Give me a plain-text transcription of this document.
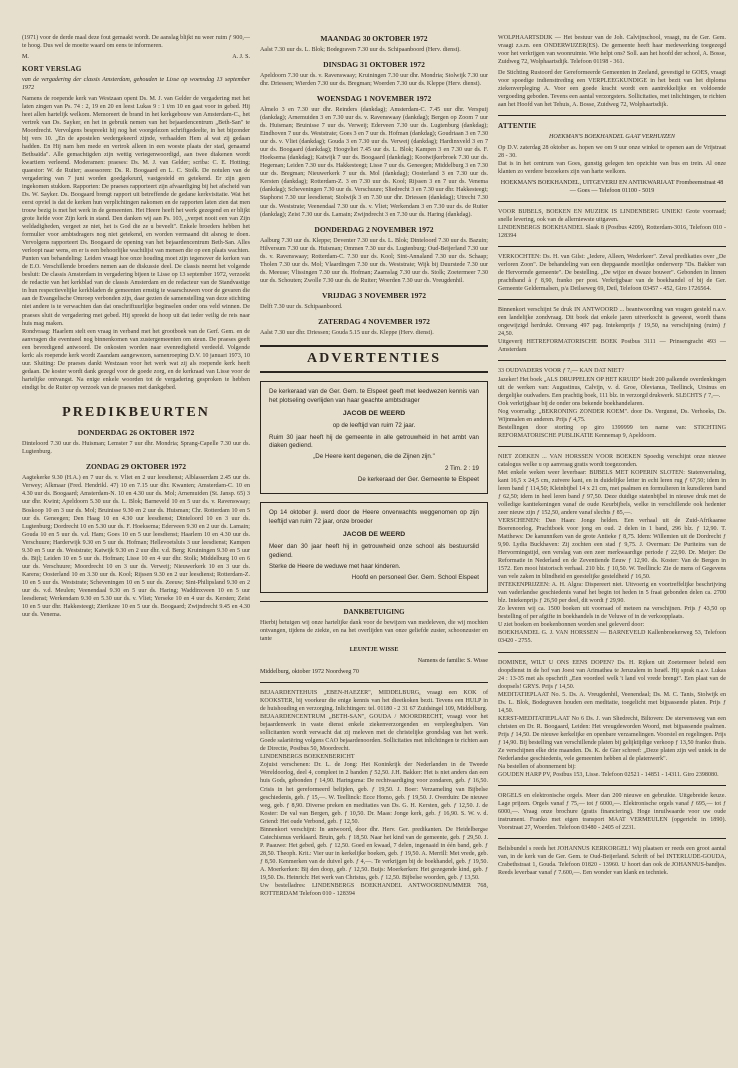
(1971) voor de derde maal deze fout gemaakt wordt. De aanslag blijkt nu weer ruim ƒ 900,— te hoog. Dus wel de moeite waard om eens te informeren.

M.	A. J. S.
KORT VERSLAG

van de vergadering der classis Amsterdam, gehouden te Lisse op woensdag 13 september 1972

Namens de roepende kerk van Westzaan opent Ds. M. J. van Gelder de vergadering met het laten zingen van Ps. 74 : 2, 19 en 20 en leest Lukas 9 : 1 t/m 10 en gaat voor in gebed. Hij heet allen hartelijk welkom. Memoreert de brand in het kerkgebouw van Amsterdam-C., het vertrek van Ds. Sayker, en het in gebruik nemen van het bejaardencentrum „Beth-San" te Moordrecht. Vervolgens bespreekt hij nog het voorgelezen schriftgedeelte, in het bijzonder bij vers 10. „En de apostelen wedergekeerd zijnde, verhaalden Hem al wat zij gedaan hadden. En Hij nam hen mede en vertrok alleen in een woeste plaats der stad, genaamd Bethsaïda". Alle gemachtigden zijn wettig vertegenwoordigd, aan twee diakenen wordt kwartiem verleend. Moderamen: praeses: Ds. M. J. van Gelder; scriba: C. E. Hotting; quaestor: W. de Ruiter; assessoren: Ds. R. Boogaard en L. C. Stolk. De notulen van de vergadering van 7 juni worden goedgekeurd, vastgesteld en getekend. Er zijn geen ingekomen stukken. Rapporten: De praeses rapporteert zijn afvaardiging bij het afscheid van Ds. W. Sayker. Ds. Boogaard brengt rapport uit betreffende de gedane kerkvisitatie. Wat het eerst opviel is dat de kerken hun verplichtingen nakomen en de rapporten laten zien dat men trouw bezig is met het werk in de gemeenten. Het Heere heeft het werk gezegend en er blijkt grote liefde voor Zijn kerk in stand. Den danken wij aan Ps. 103, „verpet nooit een van Zijn weldadigheden, vergeet ze niet, het is God die ze u beveelt". Enkele broeders hebben het formulier voor ambtsdragers nog niet getekend, en worden vermaand dit alsnog te doen. Vervolgens rapporteert Ds. Boogaard de opening van het bejaardencentrum Beth-San. Alles verloopt naar wens, en er is een behoorlijke wachtlijst van mensen die op een plaats wachten.
Punten van behandeling: Leiden vraagt hoe onze houding moet zijn tegenover de kerken van de E.O. Verschillende broeders nemen aan de diskussie deel. De classis neemt het volgende besluit: De classis Amsterdam in vergadering bijeen te Lisse op 13 september 1972, verzoekt de redactie van het kerkblad van de classis Amsterdam en de redacteur van de Standvastige in hun respectievelijke kerkbladen de gemeenten ernstig te waarschuwen voor de gevaren die aan de Evangelische Omroep verbonden zijn, daar gezien de samenstelling van deze stichting niet andere is te verwachten dan dat onschriftuurlijke beginselen onder ons veld winnen. De praeses sluit de vergadering met gebed. Hij spreekt de hoop uit dat ieder veilig de reis naar huis mag maken.
Rondvraag: Haarlem stelt een vraag in verband met het grootboek van de Gerf. Gem. en de aanvragen die eventueel nog binnenkomen van zustergemeenten om steun. De praeses geeft een bevredigend antwoord. De onkosten worden naar evenredigheid verdeeld. Volgende kerk: als roepende kerk wordt Zaandam aangewezen, samenroeping D.V. 10 januari 1973, 10 uur. Sluiting: De praeses dankt Westzaan voor het werk wat zij als roepende kerk heeft gedaan. De koster wordt dank gezegd voor de goede zorg, en de kerkraad van Lisse voor de hartelijke ontvangst. Na enige enkele woorden tot de vergadering gesproken te hebben eindigt br. de Ruiter op verzoek van de praeses met dankgebed.

PREDIKBEURTEN
DONDERDAG 26 OKTOBER 1972

Dinteloord 7.30 uur ds. Huisman; Lemster 7 uur dhr. Mondria; Sprang-Capelle 7.30 uur ds. Lugtenburg.

ZONDAG 29 OKTOBER 1972

Aagtekerke 9.30 (H.A.) en 7 uur ds. v. Vliet en 2 uur leesdienst; Alblasserdam 2.45 uur ds. Verwey; Alkmaar (Fred. Hendrikl. 47) 10 en 7.15 uur dhr. Kwanten; Amsterdam-C. 10 en 4.30 uur ds. Boogaard; Amsterdam-N. 10 en 4.30 uur ds. Mol; Arnemuiden (St. Jansp. 65) 3 uur dhr. Kwint; Apeldoorn 5.30 uur ds. L. Blok; Barneveld 10 en 5 uur ds. v. Ravenswaay; Boskoop 10 en 3 uur ds. Mol; Bruinisse 9.30 en 2 uur ds. Huisman; Chr. Rotterdam 10 en 5 uur ds. Geneegen; Den Haag 10 en 4.30 uur leesdienst; Dinteloord 10 en 3 uur ds. Lugtenburg; Dordrecht 10 en 5.30 uur ds. F. Hoeksema; Ederveen 9.30 en 2 uur ds. Lamain; Gouda 10 en 5 uur ds. v.d. Ham; Goes 10 en 5 uur leesdienst; Haarlem 10 en 4.30 uur ds. Verschuure; Harderwijk 9.30 en 5 uur ds. Hofman; Hellevoetsluis 3 uur leesdienst; Kampen 9.30 en 5 uur ds. Weststrate; Katwijk 9.30 en 2 uur dhr. v.d. Berg; Kruiningen 9.30 en 5 uur ds. Bijl; Leiden 10 en 5 uur ds. Hofman; Lisse 10 en 4 uur dhr. Stolk; Middelburg 10 en 6 uur ds. Verschuure; Moordrecht 10 en 3 uur ds. Verweij; Nieuwerkerk 10 en 3 uur ds. Karens; Oosterland 10 en 3.30 uur ds. Kool; Rijssen 9.30 en 2 uur leesdienst; Rotterdam-Z. 10 en 5 uur ds. Weststrate; Scheveningen 10 en 5 uur ds. Zeeuw; Sint-Philipsland 9.30 en 2 uur ds. v.d. Meulen; Veenendaal 9.30 en 5 uur ds. Haring; Waddinxveen 10 en 5 uur leesdienst; Werkendam 9.30 en 5.30 uur ds. v. Vliet; Yerseke 10 en 4 uur ds. Kersten; Zeist 10 en 5 uur dhr. Hakkesteegt; Zierikzee 10 en 5 uur ds. Boogaard; Zwijndrecht 9.45 en 4.30 uur ds. Venema.

MAANDAG 30 OKTOBER 1972

Aalst 7.30 uur ds. L. Blok; Bodegraven 7.30 uur ds. Schipaanboord (Herv. dienst).

DINSDAG 31 OKTOBER 1972

Apeldoorn 7.30 uur ds. v. Ravenswaay; Kruiningen 7.30 uur dhr. Mondria; Stolwijk 7.30 uur dhr. Driessen; Wierden 7.30 uur ds. Bregman; Woerden 7.30 uur ds. Kleppe (Herv. dienst).

WOENSDAG 1 NOVEMBER 1972

Almelo 3 en 7.30 uur dhr. Reinders (dankdag); Amsterdam-C. 7.45 uur dhr. Verspuij (dankdag); Arnemuiden 3 en 7.30 uur ds. v. Ravenswaay (dankdag); Bergen op Zoom 7 uur ds. Huisman; Bruinisse 7 uur ds. Verweij; Ederveen 7.30 uur ds. Lugtenburg (dankdag); Eindhoven 7 uur ds. Weststrate; Goes 3 en 7 uur ds. Hofman (dankdag); Goudriaan 3 en 7.30 uur ds. v. Vliet (dankdag); Gouda 3 en 7.30 uur ds. Verweij (dankdag); Hardinxveld 3 en 7 uur ds. Boogaard (dankdag); Hoogvliet 7.45 uur ds. L. Blok; Kampen 3 en 7.30 uur ds. F. Hoeksema (dankdag); Katwijk 7 uur ds. Boogaard (dankdag); Kootwijkerbroek 7.30 uur ds. Hegeman; Leiden 7.30 uur ds. Hakkesteegt; Lisse 7 uur ds. Geneegen; Middelburg 3 en 7.30 uur ds. Bregman; Nieuwerkerk 7 uur ds. Mol (dankdag); Oosterland 3 en 7.30 uur ds. Kersten (dankdag); Rotterdam-Z. 3 en 7.30 uur ds. Kool; Rijssen 3 en 7 uur ds. Venema (dankdag); Scheveningen 7.30 uur ds. Verschuure; Sliedrecht 3 en 7.30 uur dhr. Hakkesteegt; Staphorst 7.30 uur leesdienst; Stolwijk 3 en 7.30 uur dhr. Driessen (dankdag); Utrecht 7.30 uur ds. Weststrate; Veenendaal 7.30 uur ds. v. Vliet; Werkendam 3 en 7.30 uur ds. de Ruiter (dankdag); Zeist 7.30 uur ds. Lamain; Zwijndrecht 3 en 7.30 uur ds. Haring (dankdag).

DONDERDAG 2 NOVEMBER 1972

Aalburg 7.30 uur ds. Kleppe; Deventer 7.30 uur ds. L. Blok; Dinteloord 7.30 uur ds. Bazuin; Hilversum 7.30 uur ds. Huisman; Ommen 7.30 uur ds. Lugtenburg; Oud-Beijerland 7.30 uur ds. v. Ravenswaay; Rotterdam-C. 7.30 uur ds. Kool; Sint-Annaland 7.30 uur ds. Schaap; Tholen 7.30 uur ds. Mol; Vlaardingen 7.30 uur ds. Weststrate; Wijk bij Duurstede 7.30 uur ds. Meeuse; Vlissingen 7.30 uur ds. Hofman; Zaamslag 7.30 uur ds. Stolk; Zoetermeer 7.30 uur ds. Schouten; Zwolle 7.30 uur ds. de Ruiter; Woerden 7.30 uur ds. Vreugdenhil.

VRIJDAG 3 NOVEMBER 1972

Delft 7.30 uur ds. Schipaanboord.

ZATERDAG 4 NOVEMBER 1972

Aalst 7.30 uur dhr. Driessen; Gouda 5.15 uur ds. Kleppe (Herv. dienst).

ADVERTENTIES

De kerkeraad van de Ger. Gem. te Elspeet geeft met leedwezen kennis van het plotseling overlijden van haar geachte ambtsdrager

JACOB DE WEERD

op de leeftijd van ruim 72 jaar.

Ruim 30 jaar heeft hij de gemeente in alle getrouwheid in het ambt van diaken gediend.

„De Heere kent degenen, die de Zijnen zijn."

2 Tim. 2 : 19

De kerkeraad der Ger. Gemeente te Elspeet

Op 14 oktober jl. werd door de Heere onverwachts weggenomen op zijn leeftijd van ruim 72 jaar, onze broeder

JACOB DE WEERD

Meer dan 30 jaar heeft hij in getrouwheid onze school als bestuurslid gediend.

Sterke de Heere de weduwe met haar kinderen.

Hoofd en personeel Ger. Gem. School Elspeet

DANKBETUIGING

Hierbij betuigen wij onze hartelijke dank voor de bewijzen van medeleven, die wij mochten ontvangen, tijdens de ziekte, en na het overlijden van onze geliefde zuster, schoonzuster en tante

LEUNTJE WISSE

Namens de familie: S. Wisse

Middelburg, oktober 1972 Noordweg 70

BEJAARDENTEHUIS „EBEN-HAEZER", MIDDELBURG, vraagt een KOK of KOOKSTER, bij voorkeur die enige kennis van het dieetkoken bezit. Tevens een HULP in de huishouding en verzorging. Inlichtingen: tel. 01180 - 2 31 67 Zuidsingel 109, Middelburg.
BEJAARDENCENTRUM „BETH-SAN", GOUDA / MOORDRECHT, vraagt voor het bejaardenwerk in vaste dienst enkele ziekenverzorgenden en verpleeghulpen. Van sollicitanten wordt verwacht dat zij meleven met de christelijke grondslag van het werk. Goede salariëring volgens CAO bejaardenoorden. Sollicitaties met inlichtingen te richten aan de Directie, Postbus 50, Moordrecht.
LINDENBERGS BOEKENBERICHT
Zojuist verschenen: Dr. L. de Jong: Het Koninkrijk der Nederlanden in de Tweede Wereldoorlog, deel 4, compleet in 2 banden ƒ 52,50. J.H. Bakker: Het is niet anders dan een huis Gods, gebonden ƒ 14,90. Haringsma: De rechtvaardiging voor zondaren, geb. ƒ 16,50. Crisis in het gereformeerd belijden, geb. ƒ 19,50. J. Boer: Verzameling van Bijbelse geschiedenis, geb. ƒ 15,—. W. Teellinck: Ecce Homo, geb. ƒ 19,50. J. Overduin: De nieuwe weg, geb. ƒ 8,90. Diverse preken en meditaties van Ds. G. H. Kersten, geb. ƒ 12,50. J. de Koster: De val van Bergen, geb. ƒ 10,50. Dr. Maas: Jonge kerk, geb. ƒ 16,90. S. W. v. d. Griend: Het oude Verbond, geb. ƒ 12,50.
Binnenkort verschijnt: In antwoord, door dhr. Herv. Ger. predikanten. De Heidelbergse Catechismus verklaard. Bruin, geb. ƒ 18,50. Naar het kind van de gemeente, geb. ƒ 29,50. J. P. Paauwe: Het gebed, geb. ƒ 12,50. Goed en kwaad, 7 delen, ingenaaid in één band, geb. ƒ 28,50. Theoph. Krit.: Vier uur in kerkelijke boeken, geb. ƒ 19,50. A. Merrill: Met vrede, geb. ƒ 8,50. Kenmerken van de duivel geb. ƒ 4,—. Te verkrijgen bij de boekhandel, geb. ƒ 19,50. A. Moerkerken: Bij den doop, geb. ƒ 12,50. Buijs: Moerkerken: Het gezegende kind, geb. ƒ 19,50. Ds. Heinrich: Het werk van Christus, geb. ƒ 12,50. Bijbelse woorden, geb. ƒ 13,50.
Uw bestelladres: LINDENBERGS BOEKHANDEL ANTWOORDNUMMER 768, ROTTERDAM Telefoon 010 - 128394

WOLPHAARTSDIJK — Het bestuur van de Joh. Calvijnschool, vraagt, nu de Ger. Gem. vraagt z.s.m. een ONDERWIJZER(ES). De gemeente heeft haar medewerking toegezegd voor het verkrijgen van woonruimte. Wie helpt ons? Soll. aan het hoofd der school, A. Bosse, Zuidweg 72, Wolphaartsdijk. Telefoon 01198 - 361.

De Stichting Rustoord der Gereformeerde Gemeenten in Zeeland, gevestigd te GOES, vraagt voor spoedige indiensttreding een VERPLEEGKUNDIGE in het bezit van het diploma ziekenverpleging A. Voor een goede kracht wordt een aantrekkelijke en voldoende vergoeding geboden. Tevens een aantal verzorgsters. Sollicitaties, met inlichtingen, te richten aan het Hoofd van het Tehuis, A. Bosse, Zuidweg 72, Wolphaartsdijk.

ATTENTIE

HOEKMAN'S BOEKHANDEL GAAT VERHUIZEN

Op D.V. zaterdag 28 oktober as. hopen we om 9 uur onze winkel te openen aan de Vrijstraat 28 - 30.
Dat is in het centrum van Goes, gunstig gelegen ten opzichte van bus en trein. Al onze klanten zo verdere bezoekers zijn van harte welkom.

HOEKMAN'S BOEKHANDEL, UITGEVERIJ EN ANTIKWARIAAT Frombeemstraat 48 — Goes — Telefoon 01100 - 5019

VOOR BIJBELS, BOEKEN EN MUZIEK IS LINDENBERG UNIEK! Grote voorraad; snelle levering, ook van de allerniewste uitgaven.
LINDENBERGS BOEKHANDEL Slaak 8 (Postbus 4209), Rotterdam-3016, Telefoon 010 - 128394

VERKOCHTEN: Ds. H. van Gilst: „Iedere, Alleen, Wederkeer". Zeval predikaties over „De verloren Zoon". De behandeling van een diepgaande moeilijke onderwerp "Ds. Bakker van de Hervormde gemeente". De bestelling. „De wijze en dwaze bouwer". Gebonden in linnen prachtband à ƒ 8,90, franko per post. Verkrijgbaar van de boekhandel of bij de Ger. Gemeente Geldermalsen, p/a Deilseweg 69, Deil, Telefoon 03457 - 452, Giro 1726564.

Binnenkort verschijnt 5e druk IN ANTWOORD ... beantwoording van vragen gesteld n.a.v. een landelijke zondvraag. Dit boek dat enkele jaren uitverkocht is geweest, wordt thans ongewijzigd herdrukt. Omvang 497 pag. Intekenprijs ƒ 19,50, na verschijning (ruim) ƒ 24,50.
Uitgeverij HETREFORMATORISCHE BOEK Postbus 3111 — Prinsengracht 493 — Amsterdam

33 OUDVADERS VOOR ƒ 7,— KAN DAT NIET?
Jazeker! Het boek „ALS DRUPPELEN OP HET KRUID" biedt 200 palkende overdenkingen uit de werken van: Augustinus, Calvijn, v. d. Groe, Olevianus, Teellinck, Ursinus en dergelijke oudvaders. Een prachtig boek, 111 blz. in verzorgd drukwerk. SLECHTS ƒ 7,—.
Ook verkrijgbaar bij de onder ons bekende boekhandelaren.
Nog voorradig: „BEKRONING ZONDER KOEM". door Ds. Vergunst, Ds. Verhoeks, Ds. Wijnmalen en anderen. Prijs ƒ 4,75.
Bestellingen door storting op giro 1399999 ten name van: STICHTING REFORMATORISCHE PUBLIKATIE Kennemap 9, Apeldoorn.

NIET ZOEKEN ... VAN HORSSEN VOOR BOEKEN Spoedig verschijnt onze nieuwe catalogus welke u op aanvraag gratis wordt toegezonden.
Met enkele weken weer leverbaar: BIJBELS MET KOPERIN SLOTEN: Statenvertaling, kant 16,5 x 24,5 cm, zuivere kant, en in duidelijke letter in echt leren rug ƒ 67,50; idem in leren band ƒ 114,50; Kleinbijbel 14 x 21 cm, met psalmen en formulieren in kunstleren band ƒ 62,50; idem in heel leren band ƒ 97,50. Deze duidige statenbijbel in nieuwe druk met de volledige kanttekeningen vanaf de oude Keurbijbels, welke in verschillende ook hedenter zeer nieuw zijn ƒ 152,50, andere vanaf slechts ƒ 85,—.
VERSCHENEN: Dan Haan: Jonge helden. Een verhaal uit de Zuid-Afrikaanse Boerenoorlog. Prachtboek voor jong en oud. 2 delen in 1 band, 296 blz. ƒ 12,90. T. Matthews: De kanunniken van de grote Antieke ƒ 8,75. Idem: Willemien uit de Dordrecht ƒ 9,90. Lydia Buckhaven: Zij zochten een stad ƒ 9,75. J. Overman: De Puriteins van de Hervormingstijd, een verslag van een zeer merkwaardige periode ƒ 22,90. Dr. Meijer: De Reformatie in Nederland en de Zeventiende Eeuw ƒ 12,90. ds. Koster: Van de Bergen in 1572. Een mooi historisch verhaal. 210 blz. ƒ 10,50. W. Teellinck: Zie de mens of Gegevens van vele zaken in blindheid en geestelijke gesteldheid ƒ 16,50.
INTEKENPRIJZEN: A. H. Algra: Dispereert niet. Uitvoerig en voortreffelijke beschrijving van vaderlandse geschiedenis vanaf het begin tot heden in 5 fraai gebonden delen ca. 2700 blz. Intekenprijs ƒ 26,50 per deel, dit wordt ƒ 29,90.
Zo leveren wij ca. 1500 boeken uit voorraad of meteen na verschijnen. Prijs ƒ 43,50 op bestelling of per afgifte in boekhandels in de Veluwe of in de verkoopplaats.
U ziet boeken en boekenbonnen worden snel geleverd door:
BOEKHANDEL G. J. VAN HORSSEN — BARNEVELD Kallenbroekerweg 53, Telefoon 03420 - 2755.

DOMINEE, WILT U ONS EENS DOPEN? Ds. H. Rijken uit Zoetermeer beleid een doopdienst in de hof van Joest van Arimathea te Jeruzalem in Israël. Hij sprak n.a.v. Lukas 24 : 13-35 met als opschrift „Een voordeel welk 't land vol vrede brengt". Een plaat van de doopsels! GRYS. Prijs ƒ 14,50.
MEDITATIEPLAAT No. 5. Ds. A. Vreugdenhil, Veenendaal; Ds. M. C. Tanis, Stolwijk en Ds. L. Blok, Bodegraven houden een meditatie, toegelicht met bijpassende platen. Prijs ƒ 14,50.
KERST-MEDITATIEPLAAT No 6 Ds. J. van Sliedrecht, Biltoven: De stervensweg van een christen en Dr. R. Boogaard, Leiden: Het vreugdeworden Woord, met bijpassende psalmen. Prijs ƒ 14,50. De nieuwe kerkelijke en openbare verzamelingen. Voorstel en regelingen. Prijs ƒ 14,90. Bij bestelling van verschillende platen bij gelijktijdige verkoop ƒ 13,50 franko thuis. Ze verschijnen elke drie maanden. Ds. K. de Gier schreef: „Deze platen zijn wel uniek in de Nederlandse geschiedenis, vele gemeenten hebben al de platenwerk".
Na bestellen of abonnement bij:
GOUDEN HARP PV, Postbus 153, Lisse. Telefoon 02521 - 14851 - 14311. Giro 2398080.

ORGELS en elektronische orgels. Meer dan 200 nieuwe en gebruikte. Uitgebreide keuze. Lage prijzen. Orgels vanaf ƒ 75,— tot ƒ 6000,—. Elektronische orgels vanaf ƒ 695,— tot ƒ 6000,—. Vraag onze brochure (gratis financiering). Hoge inruilwaarde voor uw oude instrument. Franko met eigen transport MAAT VERMEULEN (opgericht in 1890). Voorstraat 27, Woerden. Telefoon 03480 - 2405 of 2231.

Belisbundel s reeds het JOHANNUS KERKORGEL! Wij plaatsen er reeds een groot aantal van, in de kerk van de Ger. Gem. te Oud-Beijerland. Schrift of bel INTERLUDE-GOUDA, Crabethstraat 1, Gouda. Telefoon 01820 - 13960. U hoort dan ook de JOHANNUS-bandjes. Reeds leverbaar vanaf ƒ 7.600,—. Een wonder van klank en techniek.
